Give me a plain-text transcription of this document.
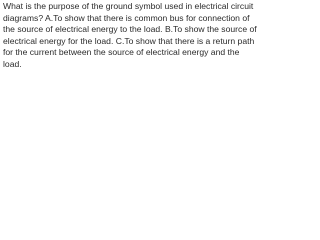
What is the purpose of the ground symbol used in electrical circuit diagrams? A.To show that there is common bus for connection of the source of electrical energy to the load. B.To show the source of electrical energy for the load. C.To show that there is a return path for the current between the source of electrical energy and the load.
